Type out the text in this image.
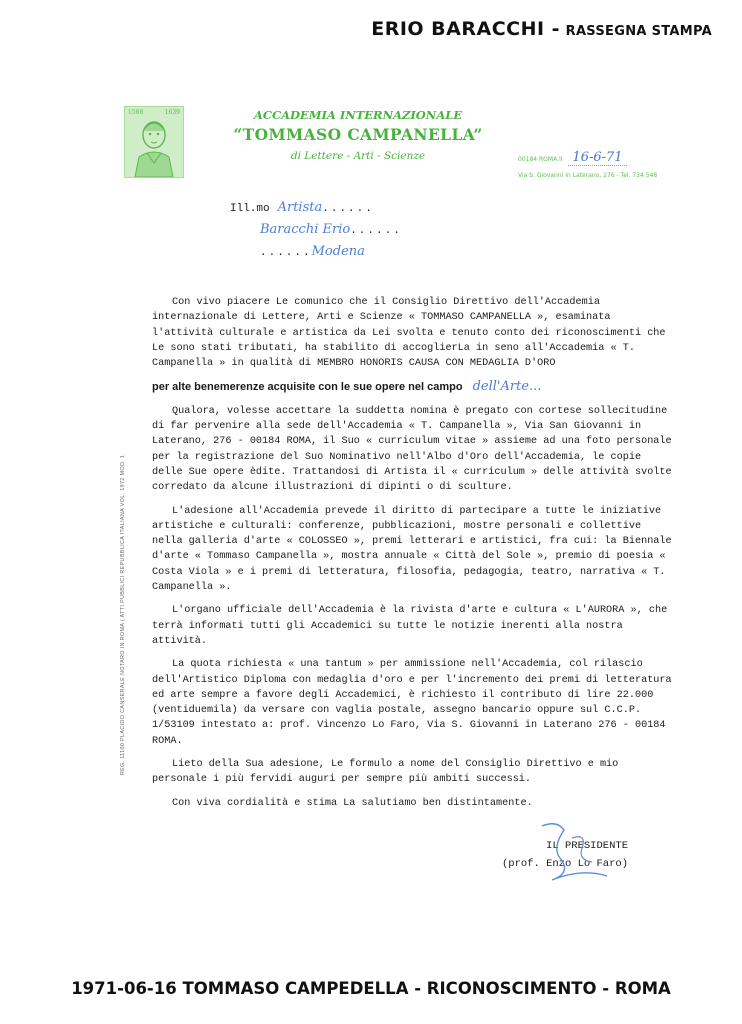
ERIO BARACCHI - RASSEGNA STAMPA
1568	1639	ACCADEMIA INTERNAZIONALE
“TOMMASO CAMPANELLA”
di Lettere - Arti - Scienze	00184 ROMA li 16-6-71
Via S. Giovanni in Laterano, 276 - Tel. 734 548
Ill.mo Artista ......
Baracchi Erio ......
...... Modena
REG. 11100 PLACIDO CANSERALE NOTARO IN ROMA ( ATTI PUBBLICI REPUBBLICA ITALIANA VOL. 1972 MOD. 1

Con vivo piacere Le comunico che il Consiglio Direttivo dell'Accademia internazionale di Lettere, Arti e Scienze « TOMMASO CAMPANELLA », esaminata l'attività culturale e artistica da Lei svolta e tenuto conto dei riconoscimenti che Le sono stati tributati, ha stabilito di accoglierLa in seno all'Accademia « T. Campanella » in qualità di MEMBRO HONORIS CAUSA CON MEDAGLIA D'ORO

per alte benemerenze acquisite con le sue opere nel campo dell'Arte...

Qualora, volesse accettare la suddetta nomina è pregato con cortese sollecitudine di far pervenire alla sede dell'Accademia « T. Campanella », Via San Giovanni in Laterano, 276 - 00184 ROMA, il Suo « curriculum vitae » assieme ad una foto personale per la registrazione del Suo Nominativo nell'Albo d'Oro dell'Accademia, le copie delle Sue opere èdite. Trattandosi di Artista il « curriculum » delle attività svolte corredato da alcune illustrazioni di dipinti o di sculture.

L'adesione all'Accademia prevede il diritto di partecipare a tutte le iniziative artistiche e culturali: conferenze, pubblicazioni, mostre personali e collettive nella galleria d'arte « COLOSSEO », premi letterari e artistici, fra cui: la Biennale d'arte « Tommaso Campanella », mostra annuale « Città del Sole », premio di poesia « Costa Viola » e i premi di letteratura, filosofia, pedagogia, teatro, narrativa « T. Campanella ».

L'organo ufficiale dell'Accademia è la rivista d'arte e cultura « L'AURORA », che terrà informati tutti gli Accademici su tutte le notizie inerenti alla nostra attività.

La quota richiesta « una tantum » per ammissione nell'Accademia, col rilascio dell'Artistico Diploma con medaglia d'oro e per l'incremento dei premi di letteratura ed arte sempre a favore degli Accademici, è richiesto il contributo di lire 22.000 (ventiduemila) da versare con vaglia postale, assegno bancario oppure sul C.C.P. 1/53109 intestato a: prof. Vincenzo Lo Faro, Via S. Giovanni in Laterano 276 - 00184 ROMA.

Lieto della Sua adesione, Le formulo a nome del Consiglio Direttivo e mio personale i più fervidi auguri per sempre più ambiti successi.

Con viva cordialità e stima La salutiamo ben distintamente.

IL PRESIDENTE
(prof. Enzo Lo Faro)
1971-06-16 TOMMASO CAMPEDELLA - RICONOSCIMENTO - ROMA
